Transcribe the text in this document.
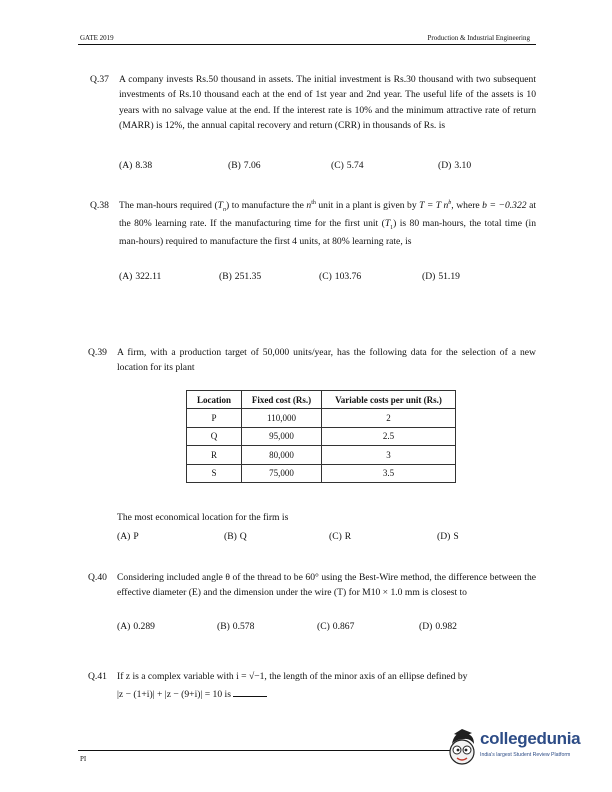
GATE 2019	Production & Industrial Engineering
Q.37 A company invests Rs.50 thousand in assets. The initial investment is Rs.30 thousand with two subsequent investments of Rs.10 thousand each at the end of 1st year and 2nd year. The useful life of the assets is 10 years with no salvage value at the end. If the interest rate is 10% and the minimum attractive rate of return (MARR) is 12%, the annual capital recovery and return (CRR) in thousands of Rs. is
(A) 8.38	(B) 7.06	(C) 5.74	(D) 3.10
Q.38 The man-hours required $(T_n)$ to manufacture the $n^{th}$ unit in a plant is given by T = T $n^b$, where b = −0.322 at the 80% learning rate. If the manufacturing time for the first unit $(T_1)$ is 80 man-hours, the total time (in man-hours) required to manufacture the first 4 units, at 80% learning rate, is
(A) 322.11	(B) 251.35	(C) 103.76	(D) 51.19
Q.39 A firm, with a production target of 50,000 units/year, has the following data for the selection of a new location for its plant
Location	Fixed cost (Rs.)	Variable costs per unit (Rs.)
P	110,000	2
Q	95,000	2.5
R	80,000	3
S	75,000	3.5
The most economical location for the firm is
(A) P	(B) Q	(C) R	(D) S
Q.40 Considering included angle θ of the thread to be 60° using the Best-Wire method, the difference between the effective diameter (E) and the dimension under the wire (T) for M10 × 1.0 mm is closest to
(A) 0.289	(B) 0.578	(C) 0.867	(D) 0.982
Q.41 If z is a complex variable with i = √−1, the length of the minor axis of an ellipse defined by
|z − (1+i)| + |z − (9+i)| = 10 is
PI
collegedunia
India's largest Student Review Platform
